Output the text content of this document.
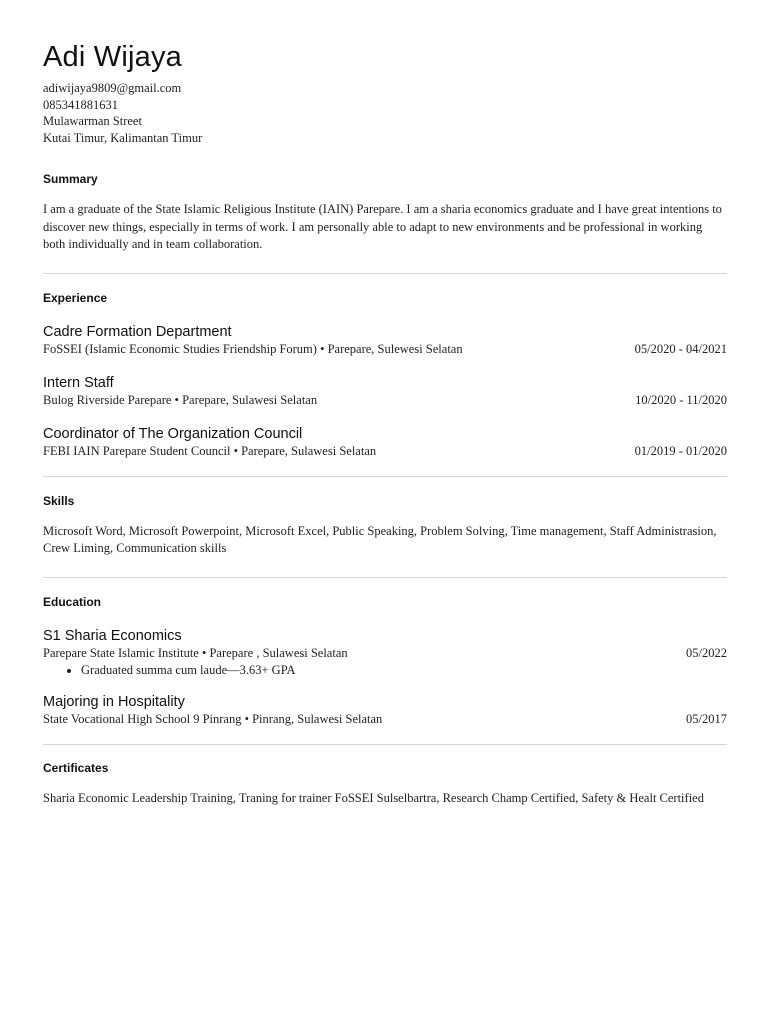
Adi Wijaya
adiwijaya9809@gmail.com
085341881631
Mulawarman Street
Kutai Timur, Kalimantan Timur
Summary

I am a graduate of the State Islamic Religious Institute (IAIN) Parepare. I am a sharia economics graduate and I have great intentions to discover new things, especially in terms of work. I am personally able to adapt to new environments and be professional in working both individually and in team collaboration.

Experience
Cadre Formation Department
FoSSEI (Islamic Economic Studies Friendship Forum) • Parepare, Sulewesi Selatan	05/2020 - 04/2021
Intern Staff
Bulog Riverside Parepare • Parepare, Sulawesi Selatan	10/2020 - 11/2020
Coordinator of The Organization Council
FEBI IAIN Parepare Student Council • Parepare, Sulawesi Selatan	01/2019 - 01/2020
Skills

Microsoft Word, Microsoft Powerpoint, Microsoft Excel, Public Speaking, Problem Solving, Time management, Staff Administrasion, Crew Liming, Communication skills

Education
S1 Sharia Economics
Parepare State Islamic Institute • Parepare , Sulawesi Selatan	05/2022
• Graduated summa cum laude—3.63+ GPA
Majoring in Hospitality
State Vocational High School 9 Pinrang • Pinrang, Sulawesi Selatan	05/2017
Certificates

Sharia Economic Leadership Training, Traning for trainer FoSSEI Sulselbartra, Research Champ Certified, Safety & Healt Certified
